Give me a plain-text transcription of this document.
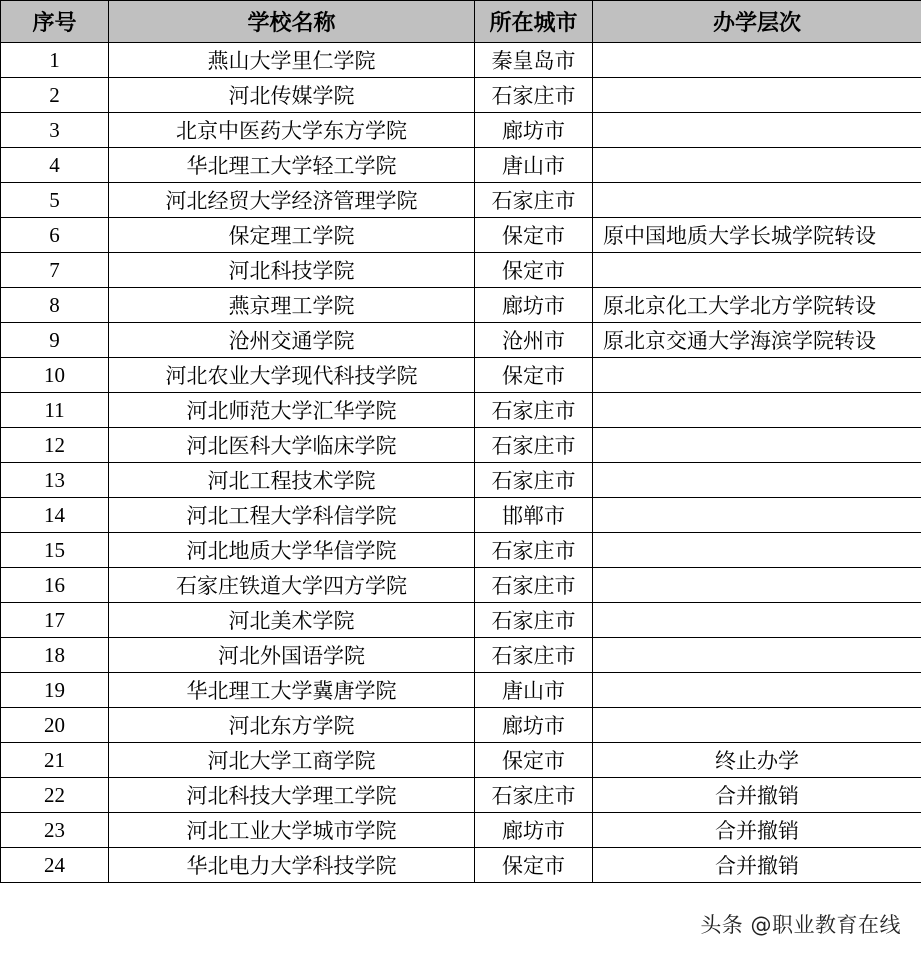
序号	学校名称	所在城市	办学层次
1	燕山大学里仁学院	秦皇岛市	
2	河北传媒学院	石家庄市	
3	北京中医药大学东方学院	廊坊市	
4	华北理工大学轻工学院	唐山市	
5	河北经贸大学经济管理学院	石家庄市	
6	保定理工学院	保定市	原中国地质大学长城学院转设
7	河北科技学院	保定市	
8	燕京理工学院	廊坊市	原北京化工大学北方学院转设
9	沧州交通学院	沧州市	原北京交通大学海滨学院转设
10	河北农业大学现代科技学院	保定市	
11	河北师范大学汇华学院	石家庄市	
12	河北医科大学临床学院	石家庄市	
13	河北工程技术学院	石家庄市	
14	河北工程大学科信学院	邯郸市	
15	河北地质大学华信学院	石家庄市	
16	石家庄铁道大学四方学院	石家庄市	
17	河北美术学院	石家庄市	
18	河北外国语学院	石家庄市	
19	华北理工大学冀唐学院	唐山市	
20	河北东方学院	廊坊市	
21	河北大学工商学院	保定市	终止办学
22	河北科技大学理工学院	石家庄市	合并撤销
23	河北工业大学城市学院	廊坊市	合并撤销
24	华北电力大学科技学院	保定市	合并撤销
头条 @职业教育在线
